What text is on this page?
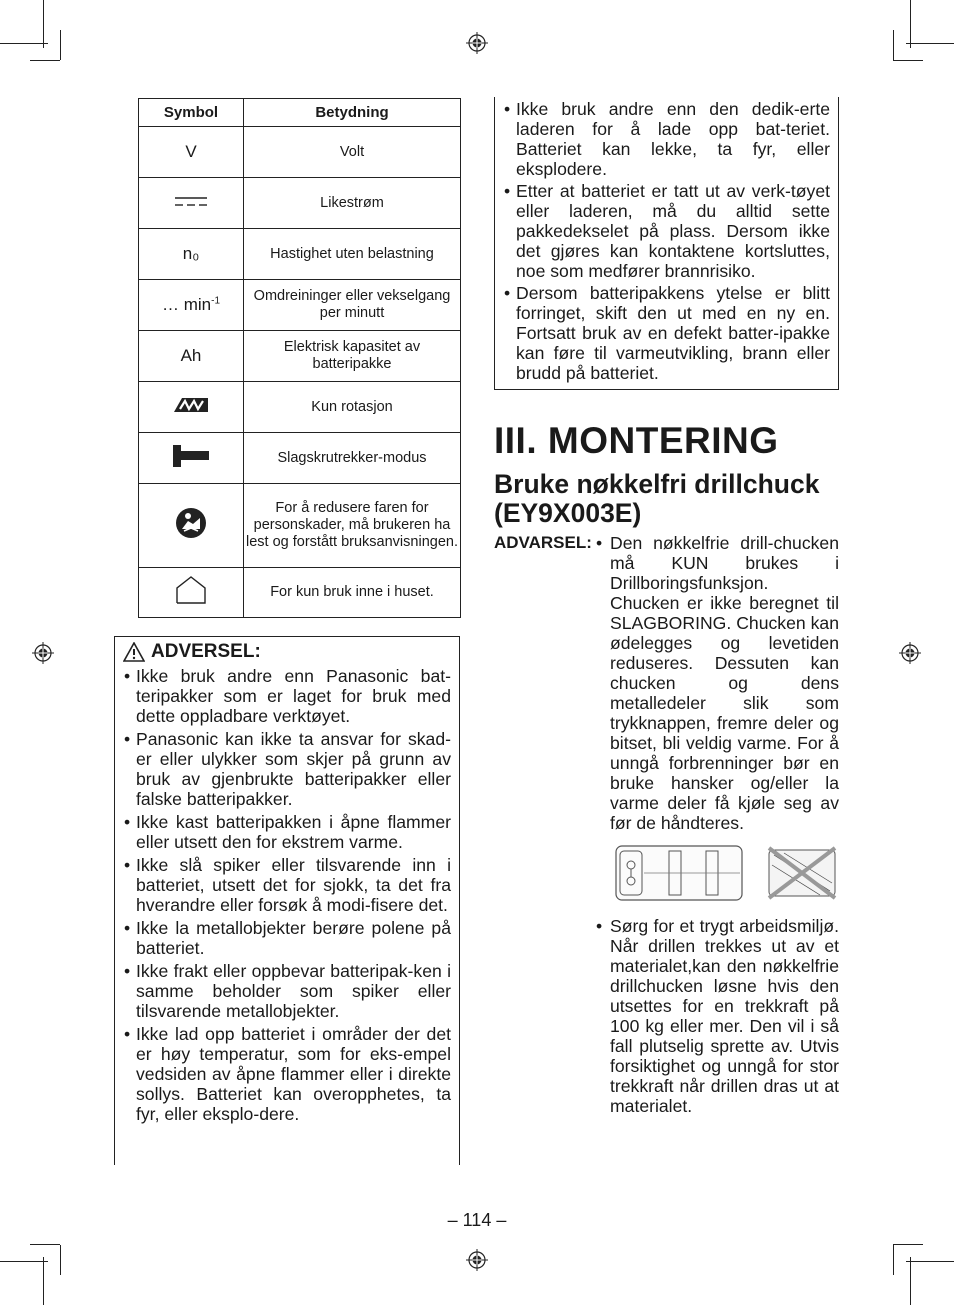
Symbol	Betydning
V	Volt
	Likestrøm
n₀	Hastighet uten belastning
… $\min^{-1}$	Omdreininger eller vekselgang per minutt
Ah	Elektrisk kapasitet av batteripakke
	Kun rotasjon
	Slagskrutrekker-modus
	For å redusere faren for personskader, må brukeren ha lest og forstått bruksanvisningen.
	For kun bruk inne i huset.
ADVERSEL:
• Ikke bruk andre enn Panasonic bat-teripakker som er laget for bruk med dette oppladbare verktøyet.
• Panasonic kan ikke ta ansvar for skad-er eller ulykker som skjer på grunn av bruk av gjenbrukte batteripakker eller falske batteripakker.
• Ikke kast batteripakken i åpne flammer eller utsett den for ekstrem varme.
• Ikke slå spiker eller tilsvarende inn i batteriet, utsett det for sjokk, ta det fra hverandre eller forsøk å modi-fisere det.
• Ikke la metallobjekter berøre polene på batteriet.
• Ikke frakt eller oppbevar batteripak-ken i samme beholder som spiker eller tilsvarende metallobjekter.
• Ikke lad opp batteriet i områder der det er høy temperatur, som for eks-empel vedsiden av åpne flammer eller i direkte sollys. Batteriet kan overopphetes, ta fyr, eller eksplo-dere.
• Ikke bruk andre enn den dedik-erte laderen for å lade opp bat-teriet. Batteriet kan lekke, ta fyr, eller eksplodere.
• Etter at batteriet er tatt ut av verk-tøyet eller laderen, må du alltid sette pakkedekselet på plass. Dersom ikke det gjøres kan kontaktene kortsluttes, noe som medfører brannrisiko.
• Dersom batteripakkens ytelse er blitt forringet, skift den ut med en ny en. Fortsatt bruk av en defekt batter-ipakke kan føre til varmeutvikling, brann eller brudd på batteriet.
III. MONTERING
Bruke nøkkelfri drillchuck (EY9X003E)
ADVARSEL: • Den nøkkelfrie drill-chucken må KUN brukes i Drillboringsfunksjon. Chucken er ikke beregnet til SLAGBORING. Chucken kan ødelegges og levetiden reduseres. Dessuten kan chucken og dens metalledeler slik som trykknappen, fremre deler og bitset, bli veldig varme. For å unngå forbrenninger bør en bruke hansker og/eller la varme deler få kjøle seg av før de håndteres.
• Sørg for et trygt arbeidsmiljø. Når drillen trekkes ut av et materialet,kan den nøkkelfrie drillchucken løsne hvis den utsettes for en trekkraft på 100 kg eller mer. Den vil i så fall plutselig sprette av. Utvis forsiktighet og unngå for stor trekkraft når drillen dras ut at materialet.
– 114 –
